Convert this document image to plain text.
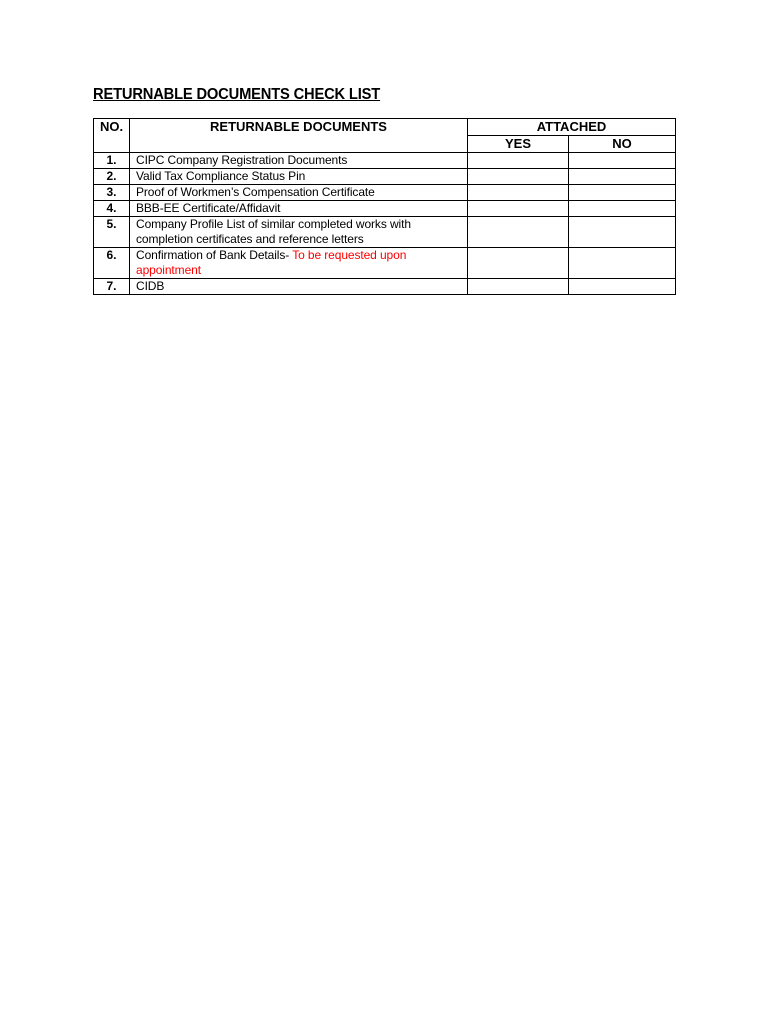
RETURNABLE DOCUMENTS CHECK LIST
NO.	RETURNABLE DOCUMENTS	ATTACHED	
		YES	NO
1.	CIPC Company Registration Documents		
2.	Valid Tax Compliance Status Pin		
3.	Proof of Workmen’s Compensation Certificate		
4.	BBB-EE Certificate/Affidavit		
5.	Company Profile List of similar completed works with completion certificates and reference letters		
6.	Confirmation of Bank Details- To be requested upon appointment		
7.	CIDB		
